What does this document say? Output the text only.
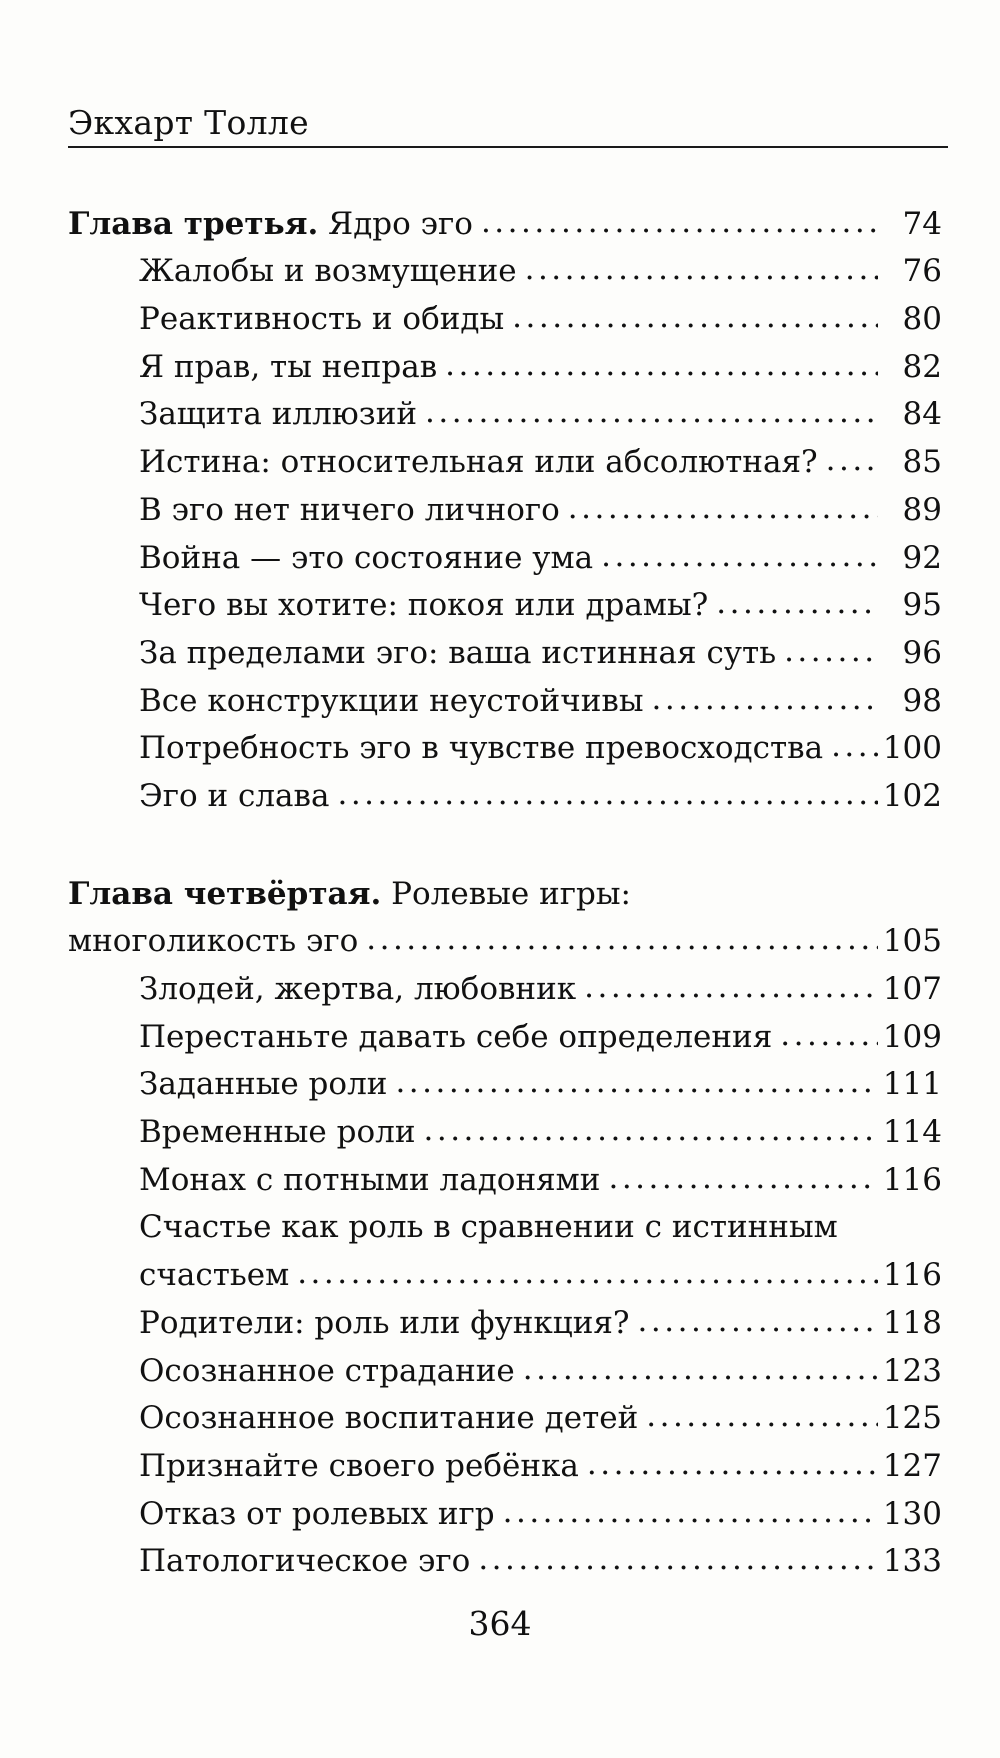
Экхарт Толле
Глава третья. Ядро эго .....	74
Жалобы и возмущение .....	76
Реактивность и обиды .....	80
Я прав, ты неправ .....	82
Защита иллюзий .....	84
Истина: относительная или абсолютная? .....	85
В эго нет ничего личного .....	89
Война — это состояние ума .....	92
Чего вы хотите: покоя или драмы? .....	95
За пределами эго: ваша истинная суть .....	96
Все конструкции неустойчивы .....	98
Потребность эго в чувстве превосходства ..... 100
Эго и слава .....	102
Глава четвёртая. Ролевые игры:
многоликость эго .....	105
Злодей, жертва, любовник .....	107
Перестаньте давать себе определения .....	109
Заданные роли .....	111
Временные роли .....	114
Монах с потными ладонями .....	116
Счастье как роль в сравнении с истинным
счастьем .....	116
Родители: роль или функция? .....	118
Осознанное страдание .....	123
Осознанное воспитание детей .....	125
Признайте своего ребёнка .....	127
Отказ от ролевых игр .....	130
Патологическое эго .....	133
364
